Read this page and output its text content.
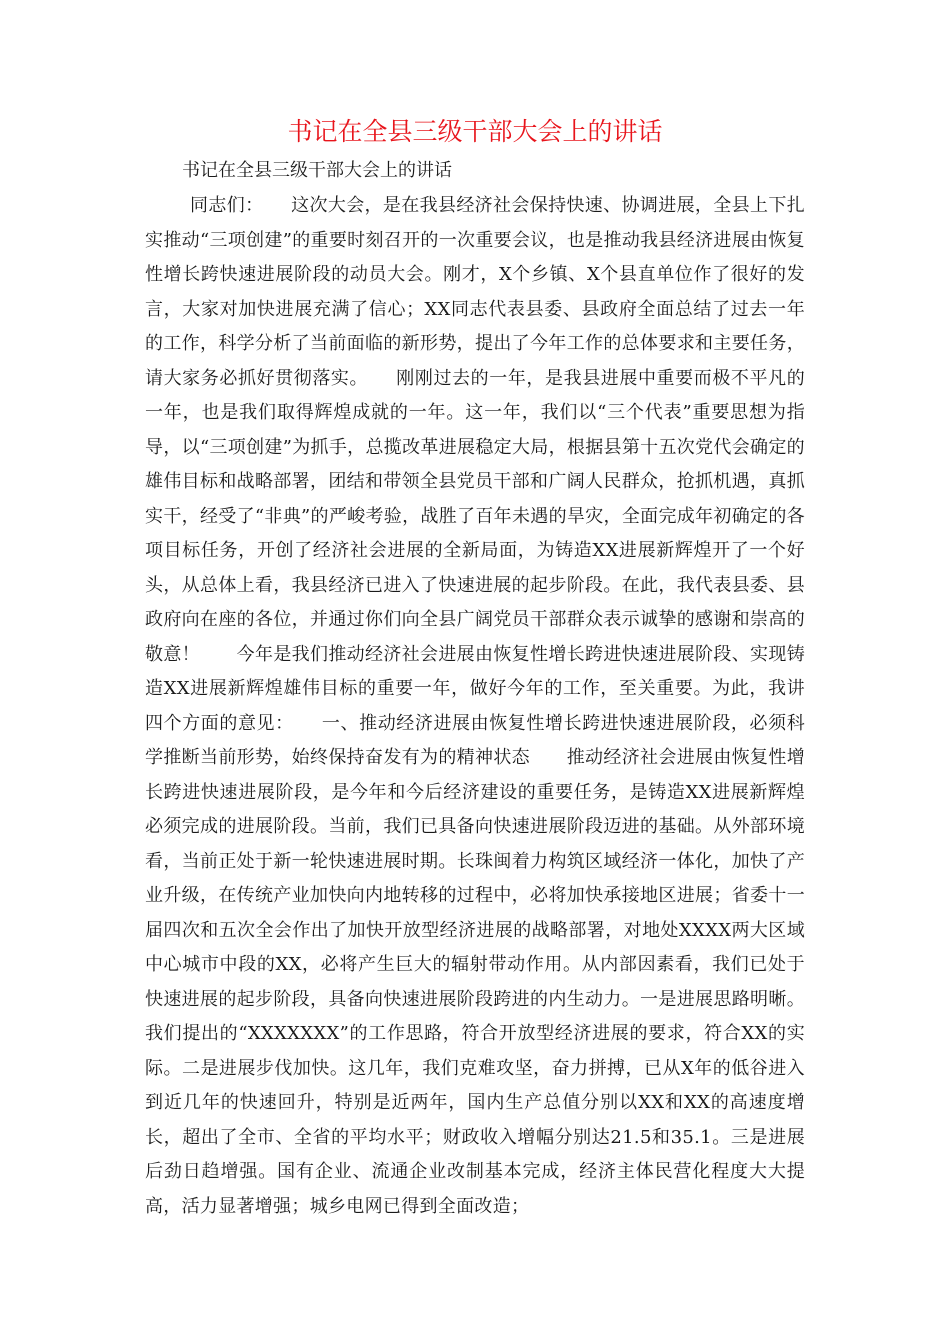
书记在全县三级干部大会上的讲话
书记在全县三级干部大会上的讲话

同志们：　　这次大会，是在我县经济社会保持快速、协调进展，全县上下扎实推动“三项创建”的重要时刻召开的一次重要会议，也是推动我县经济进展由恢复性增长跨快速进展阶段的动员大会。刚才，X个乡镇、X个县直单位作了很好的发言，大家对加快进展充满了信心；XX同志代表县委、县政府全面总结了过去一年的工作，科学分析了当前面临的新形势，提出了今年工作的总体要求和主要任务，请大家务必抓好贯彻落实。　　刚刚过去的一年，是我县进展中重要而极不平凡的一年，也是我们取得辉煌成就的一年。这一年，我们以“三个代表”重要思想为指导，以“三项创建”为抓手，总揽改革进展稳定大局，根据县第十五次党代会确定的雄伟目标和战略部署，团结和带领全县党员干部和广阔人民群众，抢抓机遇，真抓实干，经受了“非典”的严峻考验，战胜了百年未遇的旱灾，全面完成年初确定的各项目标任务，开创了经济社会进展的全新局面，为铸造XX进展新辉煌开了一个好头，从总体上看，我县经济已进入了快速进展的起步阶段。在此，我代表县委、县政府向在座的各位，并通过你们向全县广阔党员干部群众表示诚挚的感谢和崇高的敬意！　　今年是我们推动经济社会进展由恢复性增长跨进快速进展阶段、实现铸造XX进展新辉煌雄伟目标的重要一年，做好今年的工作，至关重要。为此，我讲四个方面的意见：　　一、推动经济进展由恢复性增长跨进快速进展阶段，必须科学推断当前形势，始终保持奋发有为的精神状态　　推动经济社会进展由恢复性增长跨进快速进展阶段，是今年和今后经济建设的重要任务，是铸造XX进展新辉煌必须完成的进展阶段。当前，我们已具备向快速进展阶段迈进的基础。从外部环境看，当前正处于新一轮快速进展时期。长珠闽着力构筑区域经济一体化，加快了产业升级，在传统产业加快向内地转移的过程中，必将加快承接地区进展；省委十一届四次和五次全会作出了加快开放型经济进展的战略部署，对地处XXXX两大区域中心城市中段的XX，必将产生巨大的辐射带动作用。从内部因素看，我们已处于快速进展的起步阶段，具备向快速进展阶段跨进的内生动力。一是进展思路明晰。我们提出的“XXXXXXX”的工作思路，符合开放型经济进展的要求，符合XX的实际。二是进展步伐加快。这几年，我们克难攻坚，奋力拼搏，已从X年的低谷进入到近几年的快速回升，特别是近两年，国内生产总值分别以XX和XX的高速度增长，超出了全市、全省的平均水平；财政收入增幅分别达21.5和35.1。三是进展后劲日趋增强。国有企业、流通企业改制基本完成，经济主体民营化程度大大提高，活力显著增强；城乡电网已得到全面改造；
